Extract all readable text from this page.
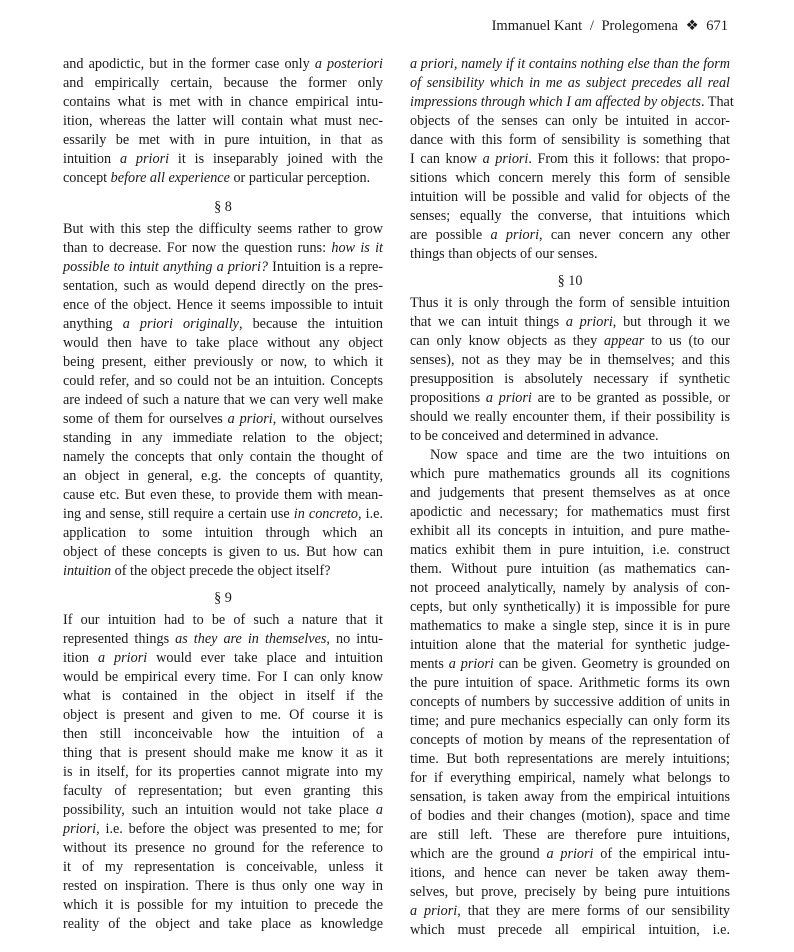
Immanuel Kant / Prolegomena ❖ 671
and apodictic, but in the former case only a posteriori
and empirically certain, because the former only
contains what is met with in chance empirical intu-
ition, whereas the latter will contain what must nec-
essarily be met with in pure intuition, in that as
intuition a priori it is inseparably joined with the
concept before all experience or particular perception.
§ 8
But with this step the difficulty seems rather to grow
than to decrease. For now the question runs: how is it
possible to intuit anything a priori? Intuition is a repre-
sentation, such as would depend directly on the pres-
ence of the object. Hence it seems impossible to intuit
anything a priori originally, because the intuition
would then have to take place without any object
being present, either previously or now, to which it
could refer, and so could not be an intuition. Concepts
are indeed of such a nature that we can very well make
some of them for ourselves a priori, without ourselves
standing in any immediate relation to the object;
namely the concepts that only contain the thought of
an object in general, e.g. the concepts of quantity,
cause etc. But even these, to provide them with mean-
ing and sense, still require a certain use in concreto, i.e.
application to some intuition through which an
object of these concepts is given to us. But how can
intuition of the object precede the object itself?
§ 9
If our intuition had to be of such a nature that it
represented things as they are in themselves, no intu-
ition a priori would ever take place and intuition
would be empirical every time. For I can only know
what is contained in the object in itself if the
object is present and given to me. Of course it is
then still inconceivable how the intuition of a
thing that is present should make me know it as it
is in itself, for its properties cannot migrate into my
faculty of representation; but even granting this
possibility, such an intuition would not take place a
priori, i.e. before the object was presented to me; for
without its presence no ground for the reference to
it of my representation is conceivable, unless it
rested on inspiration. There is thus only one way in
which it is possible for my intuition to precede the
reality of the object and take place as knowledge
a priori, namely if it contains nothing else than the form
of sensibility which in me as subject precedes all real
impressions through which I am affected by objects. That
objects of the senses can only be intuited in accor-
dance with this form of sensibility is something that
I can know a priori. From this it follows: that propo-
sitions which concern merely this form of sensible
intuition will be possible and valid for objects of the
senses; equally the converse, that intuitions which
are possible a priori, can never concern any other
things than objects of our senses.
§ 10
Thus it is only through the form of sensible intuition
that we can intuit things a priori, but through it we
can only know objects as they appear to us (to our
senses), not as they may be in themselves; and this
presupposition is absolutely necessary if synthetic
propositions a priori are to be granted as possible, or
should we really encounter them, if their possibility is
to be conceived and determined in advance.
Now space and time are the two intuitions on
which pure mathematics grounds all its cognitions
and judgements that present themselves as at once
apodictic and necessary; for mathematics must first
exhibit all its concepts in intuition, and pure mathe-
matics exhibit them in pure intuition, i.e. construct
them. Without pure intuition (as mathematics can-
not proceed analytically, namely by analysis of con-
cepts, but only synthetically) it is impossible for pure
mathematics to make a single step, since it is in pure
intuition alone that the material for synthetic judge-
ments a priori can be given. Geometry is grounded on
the pure intuition of space. Arithmetic forms its own
concepts of numbers by successive addition of units in
time; and pure mechanics especially can only form its
concepts of motion by means of the representation of
time. But both representations are merely intuitions;
for if everything empirical, namely what belongs to
sensation, is taken away from the empirical intuitions
of bodies and their changes (motion), space and time
are still left. These are therefore pure intuitions,
which are the ground a priori of the empirical intu-
itions, and hence can never be taken away them-
selves, but prove, precisely by being pure intuitions
a priori, that they are mere forms of our sensibility
which must precede all empirical intuition, i.e.
